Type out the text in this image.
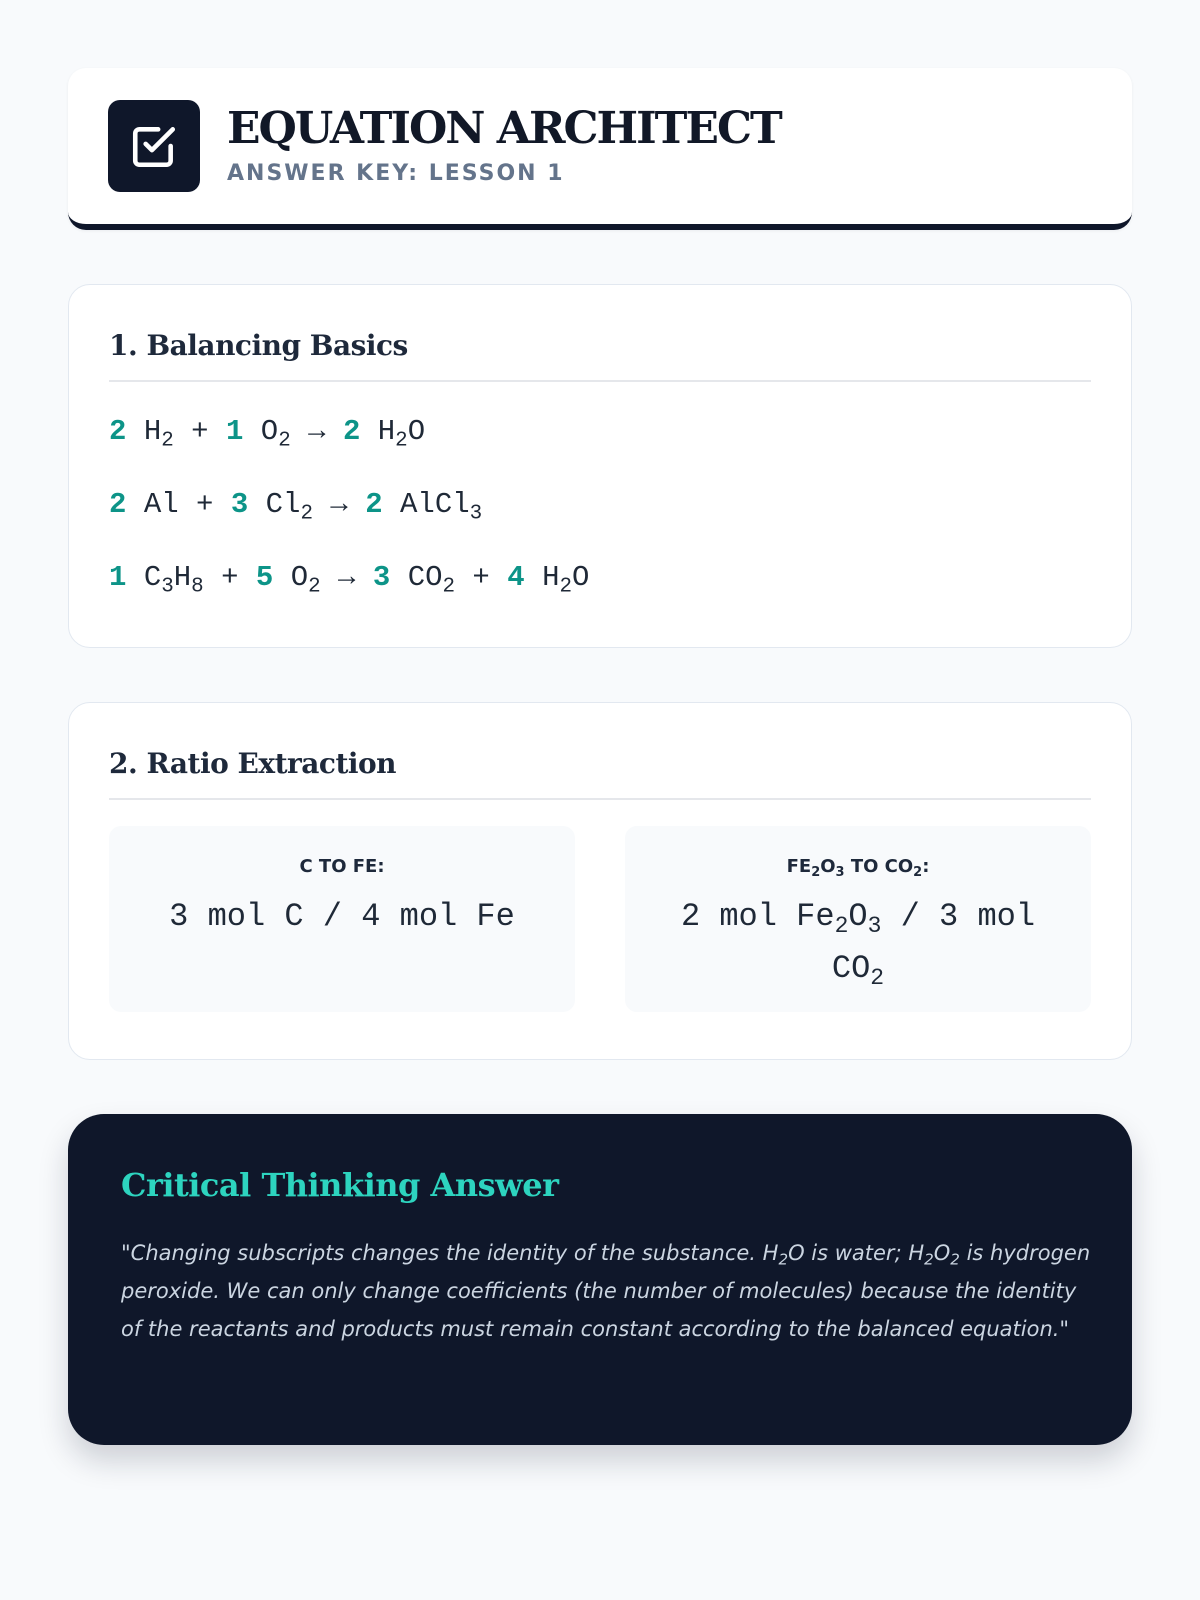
EQUATION ARCHITECT
ANSWER KEY: LESSON 1
1. Balancing Basics
2 $H_2 + 1$ $O_2 \to 2$ $H_2O$
2 Al + 3 $Cl_2 \to 2$ AlCl$_3$
1 $C_3H_8 + 5$ $O_2 \to 3$ $CO_2 + 4$ $H_2O$
2. Ratio Extraction
C TO FE:
3 mol C / 4 mol Fe
$FE_2O_3$ TO $CO_2$:
2 mol $Fe_2O_3 / 3$ mol $CO_2$
Critical Thinking Answer
"Changing subscripts changes the identity of the substance. $H_2O$ is water; $H_2O_2$ is hydrogen peroxide. We can only change coefficients (the number of molecules) because the identity of the reactants and products must remain constant according to the balanced equation."
